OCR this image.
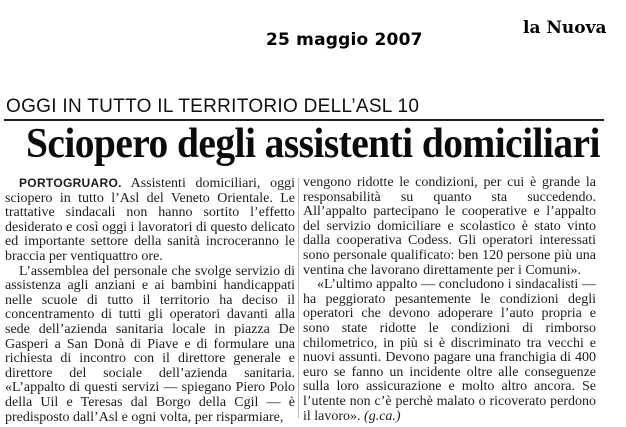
25 maggio 2007
la Nuova
OGGI IN TUTTO IL TERRITORIO DELL’ASL 10
Sciopero degli assistenti domiciliari

PORTOGRUARO. Assistenti domiciliari, oggi sciopero in tutto l’Asl del Veneto Orientale. Le trattative sindacali non hanno sortito l’effetto desiderato e così oggi i lavoratori di questo delicato ed importante settore della sanità incroceranno le braccia per ventiquattro ore.

L’assemblea del personale che svolge servizio di assistenza agli anziani e ai bambini handicappati nelle scuole di tutto il territorio ha deciso il concentramento di tutti gli operatori davanti alla sede dell’azienda sanitaria locale in piazza De Gasperi a San Donà di Piave e di formulare una richiesta di incontro con il direttore generale e direttore del sociale dell’azienda sanitaria. «L’appalto di questi servizi — spiegano Piero Polo della Uil e Teresas dal Borgo della Cgil — è predisposto dall’Asl e ogni volta, per risparmiare,

vengono ridotte le condizioni, per cui è grande la responsabilità su quanto sta succedendo. All’appalto partecipano le cooperative e l’appalto del servizio domiciliare e scolastico è stato vinto dalla cooperativa Codess. Gli operatori interessati sono personale qualificato: ben 120 persone più una ventina che lavorano direttamente per i Comuni».

«L’ultimo appalto — concludono i sindacalisti — ha peggiorato pesantemente le condizioni degli operatori che devono adoperare l’auto propria e sono state ridotte le condizioni di rimborso chilometrico, in più si è discriminato tra vecchi e nuovi assunti. Devono pagare una franchigia di 400 euro se fanno un incidente oltre alle conseguenze sulla loro assicurazione e molto altro ancora. Se l’utente non c’è perchè malato o ricoverato perdono il lavoro». (g.ca.)
